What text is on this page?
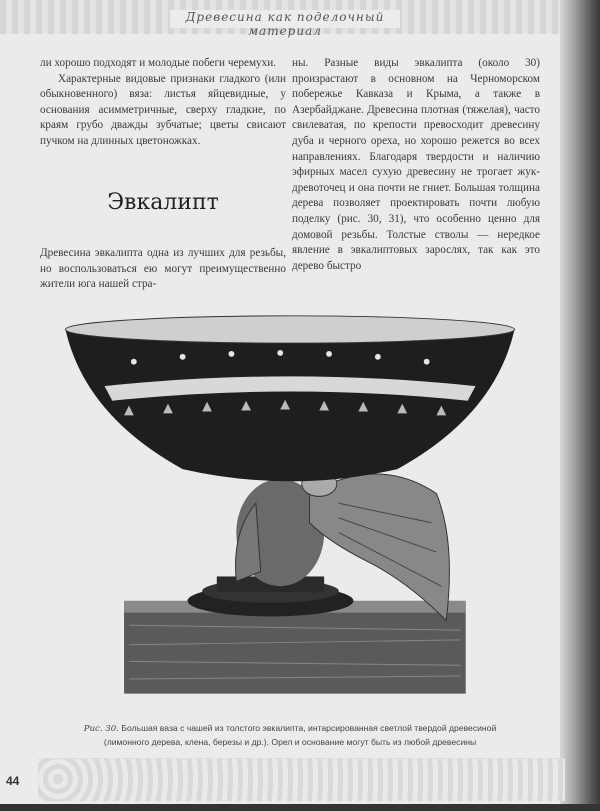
Древесина как поделочный материал

ли хорошо подходят и молодые побеги черемухи.

Характерные видовые признаки гладкого (или обыкновенного) вяза: листья яйцевидные, у основания асимметричные, сверху гладкие, по краям грубо дважды зубчатые; цветы свисают пучком на длинных цветоножках.

Эвкалипт

Древесина эвкалипта одна из лучших для резьбы, но воспользоваться ею могут преимущественно жители юга нашей стра-

ны. Разные виды эвкалипта (около 30) произрастают в основном на Черноморском побережье Кавказа и Крыма, а также в Азербайджане. Древесина плотная (тяжелая), часто свилеватая, по крепости превосходит древесину дуба и черного ореха, но хорошо режется во всех направлениях. Благодаря твердости и наличию эфирных масел сухую древесину не трогает жук-древоточец и она почти не гниет. Большая толщина дерева позволяет проектировать почти любую поделку (рис. 30, 31), что особенно ценно для домовой резьбы. Толстые стволы — нередкое явление в эвкалиптовых зарослях, так как это дерево быстро

Рис. 30. Большая ваза с чашей из толстого эвкалипта, интарсированная светлой твердой древесиной (лимонного дерева, клена, березы и др.). Орел и основание могут быть из любой древесины
44
